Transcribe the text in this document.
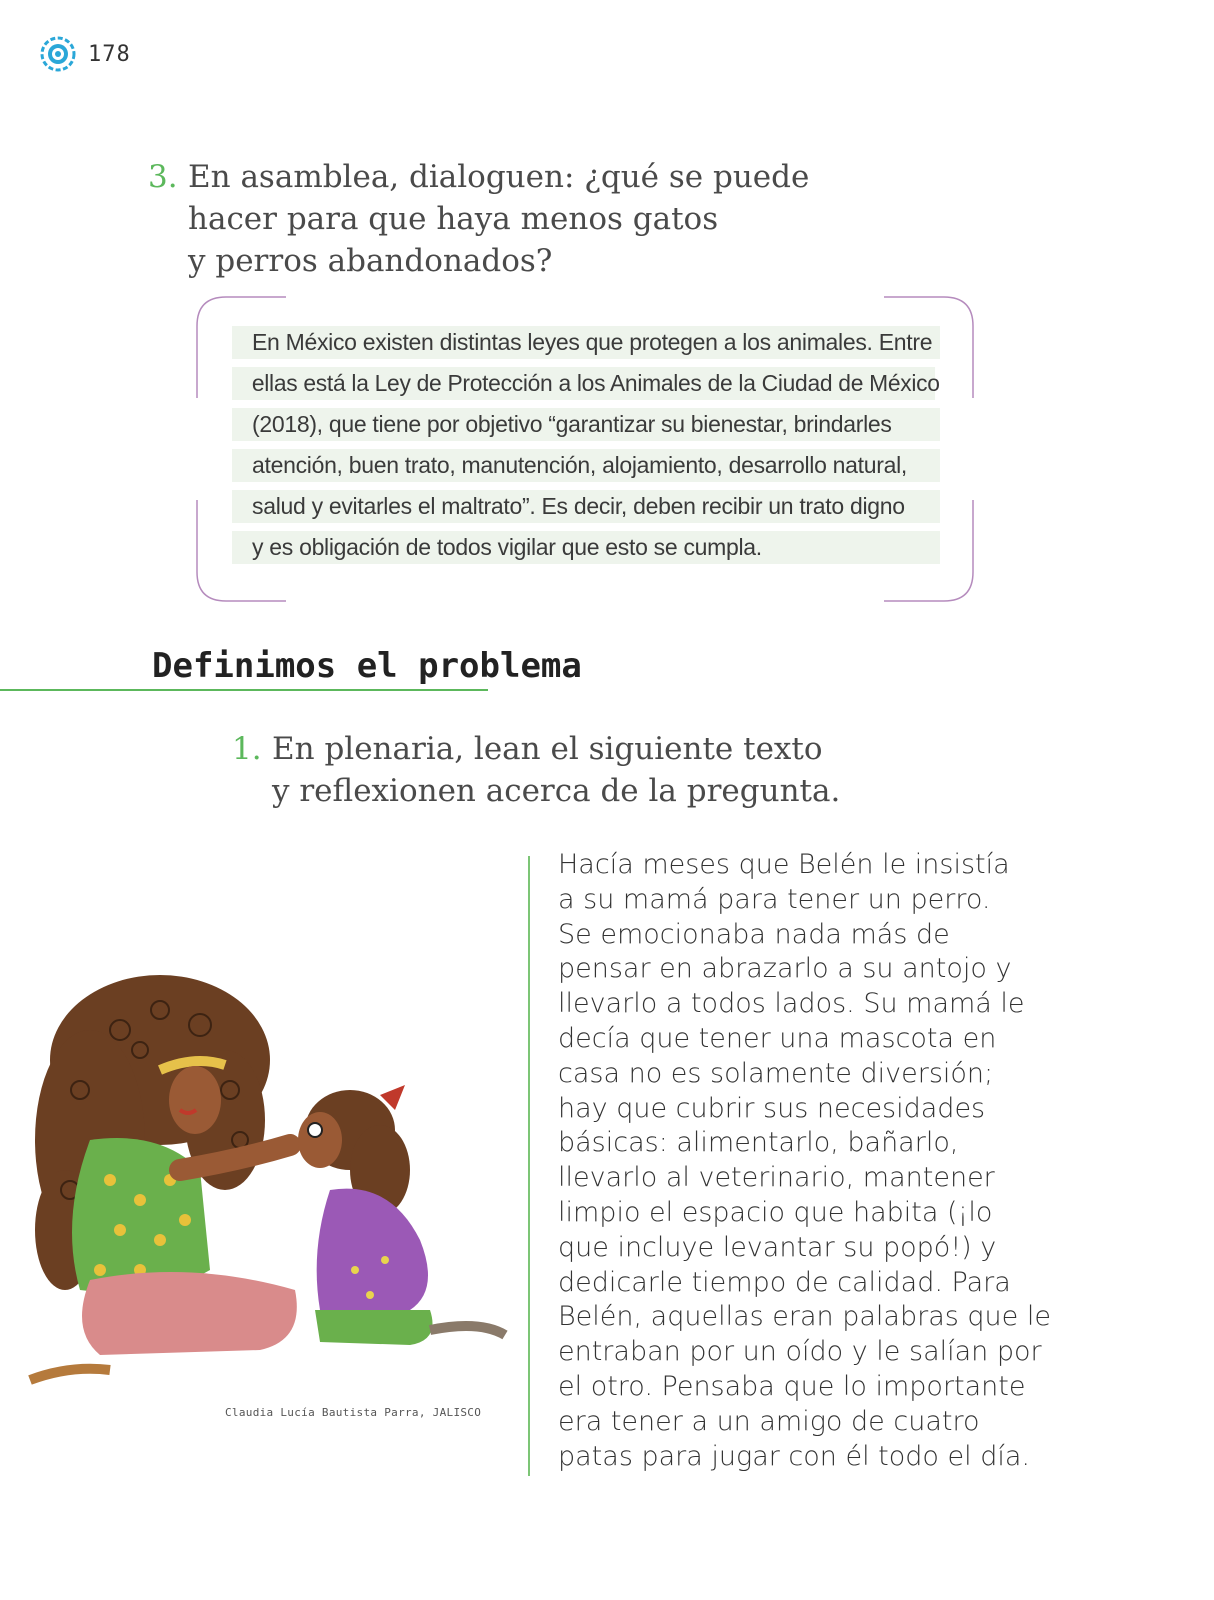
178
3. En asamblea, dialoguen: ¿qué se puede
hacer para que haya menos gatos
y perros abandonados?
En México existen distintas leyes que protegen a los animales. Entre
ellas está la Ley de Protección a los Animales de la Ciudad de México
(2018), que tiene por objetivo “garantizar su bienestar, brindarles
atención, buen trato, manutención, alojamiento, desarrollo natural,
salud y evitarles el maltrato”. Es decir, deben recibir un trato digno
y es obligación de todos vigilar que esto se cumpla.
Definimos el problema
1. En plenaria, lean el siguiente texto
y reflexionen acerca de la pregunta.
Claudia Lucía Bautista Parra, JALISCO
Hacía meses que Belén le insistía
a su mamá para tener un perro.
Se emocionaba nada más de
pensar en abrazarlo a su antojo y
llevarlo a todos lados. Su mamá le
decía que tener una mascota en
casa no es solamente diversión;
hay que cubrir sus necesidades
básicas: alimentarlo, bañarlo,
llevarlo al veterinario, mantener
limpio el espacio que habita (¡lo
que incluye levantar su popó!) y
dedicarle tiempo de calidad. Para
Belén, aquellas eran palabras que le
entraban por un oído y le salían por
el otro. Pensaba que lo importante
era tener a un amigo de cuatro
patas para jugar con él todo el día.
